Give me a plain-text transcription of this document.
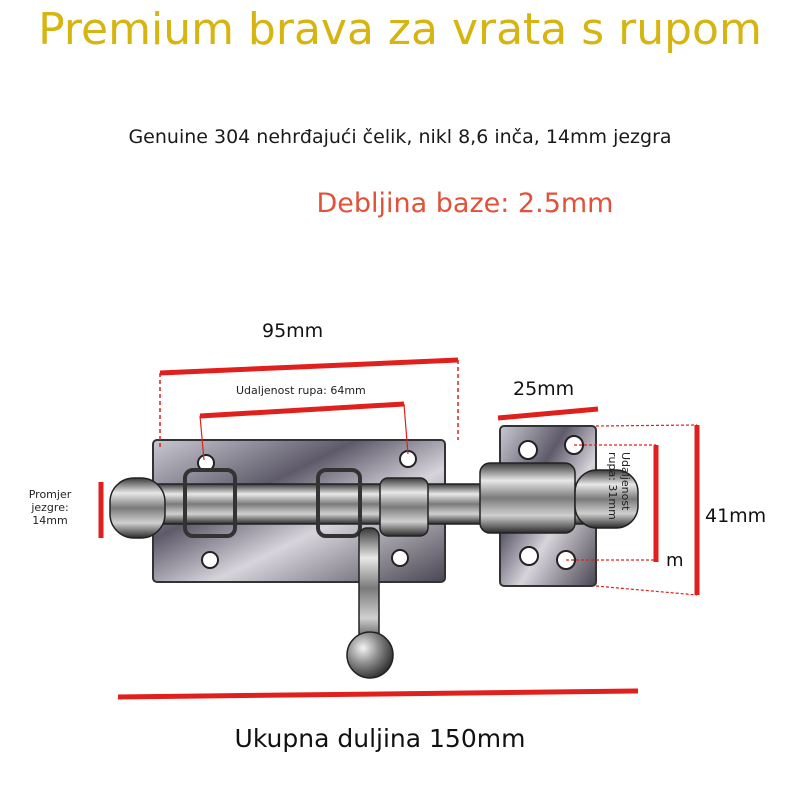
Premium brava za vrata s rupom
Genuine 304 nehrđajući čelik, nikl 8,6 inča, 14mm jezgra
Debljina baze: 2.5mm
95mm
Udaljenost rupa: 64mm	25mm
Promjer
jezgre:
14mm
Udaljenost
rupa: 31mm
m
41mm
Ukupna duljina 150mm
